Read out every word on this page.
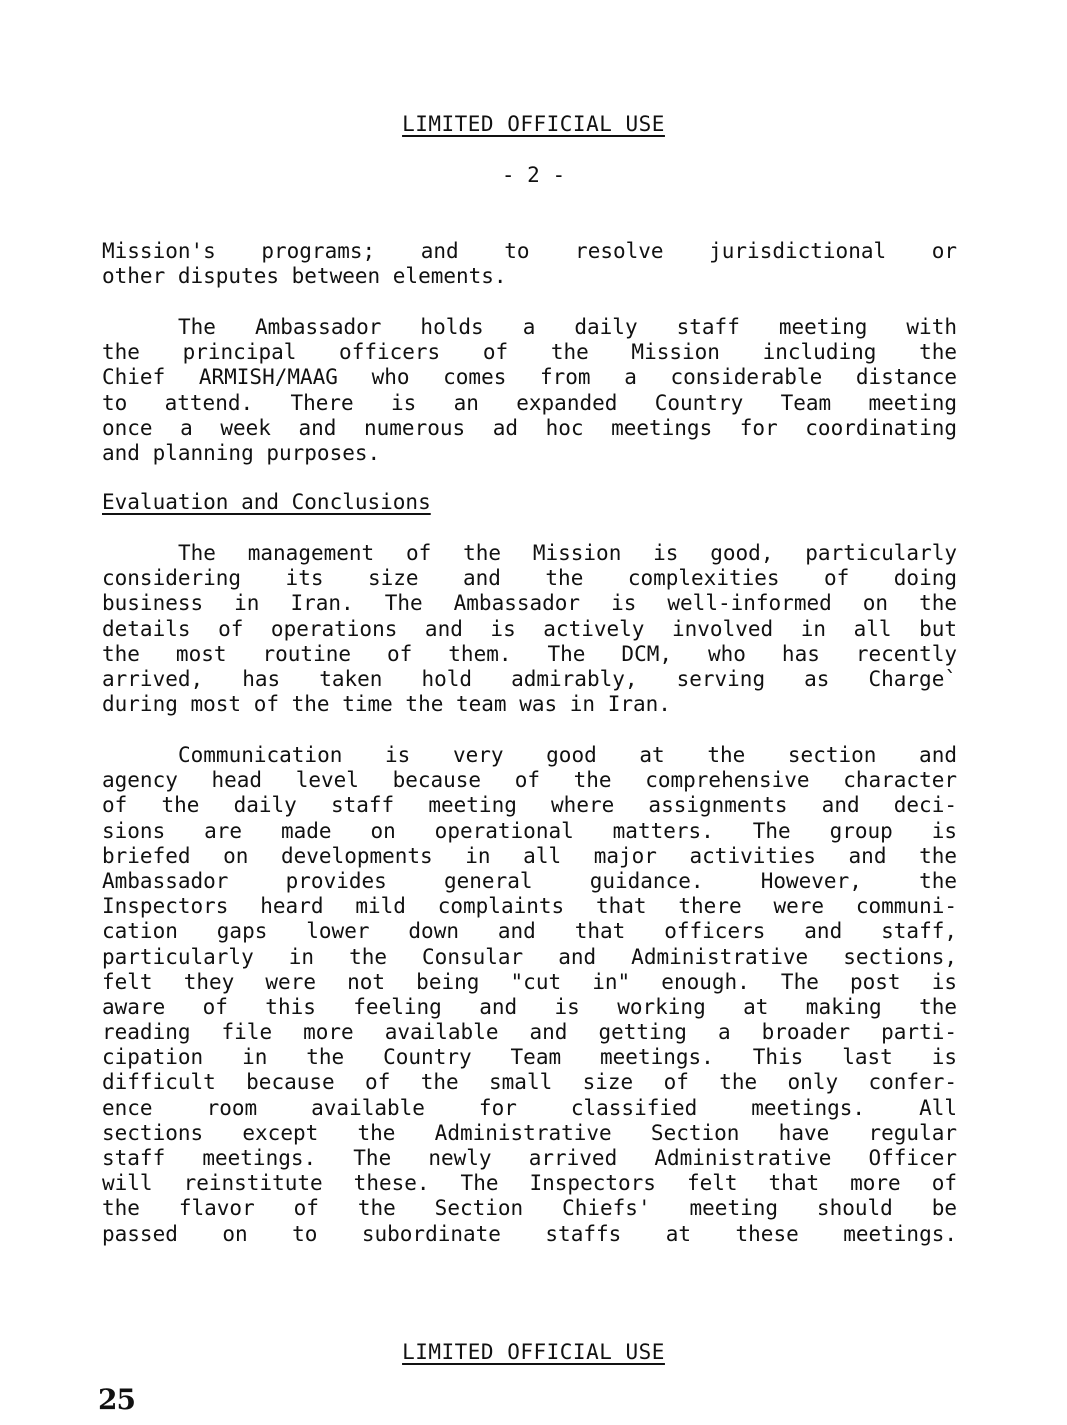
LIMITED OFFICIAL USE
- 2 -
Mission's programs; and to resolve jurisdictional or
other disputes between elements.
The Ambassador holds a daily staff meeting with
the principal officers of the Mission including the
Chief ARMISH/MAAG who comes from a considerable distance
to attend. There is an expanded Country Team meeting
once a week and numerous ad hoc meetings for coordinating
and planning purposes.
Evaluation and Conclusions
The management of the Mission is good, particularly
considering its size and the complexities of doing
business in Iran. The Ambassador is well-informed on the
details of operations and is actively involved in all but
the most routine of them. The DCM, who has recently
arrived, has taken hold admirably, serving as Charge`
during most of the time the team was in Iran.
Communication is very good at the section and
agency head level because of the comprehensive character
of the daily staff meeting where assignments and deci-
sions are made on operational matters. The group is
briefed on developments in all major activities and the
Ambassador provides general guidance. However, the
Inspectors heard mild complaints that there were communi-
cation gaps lower down and that officers and staff,
particularly in the Consular and Administrative sections,
felt they were not being "cut in" enough. The post is
aware of this feeling and is working at making the
reading file more available and getting a broader parti-
cipation in the Country Team meetings. This last is
difficult because of the small size of the only confer-
ence room available for classified meetings. All
sections except the Administrative Section have regular
staff meetings. The newly arrived Administrative Officer
will reinstitute these. The Inspectors felt that more of
the flavor of the Section Chiefs' meeting should be
passed on to subordinate staffs at these meetings.
LIMITED OFFICIAL USE
25
